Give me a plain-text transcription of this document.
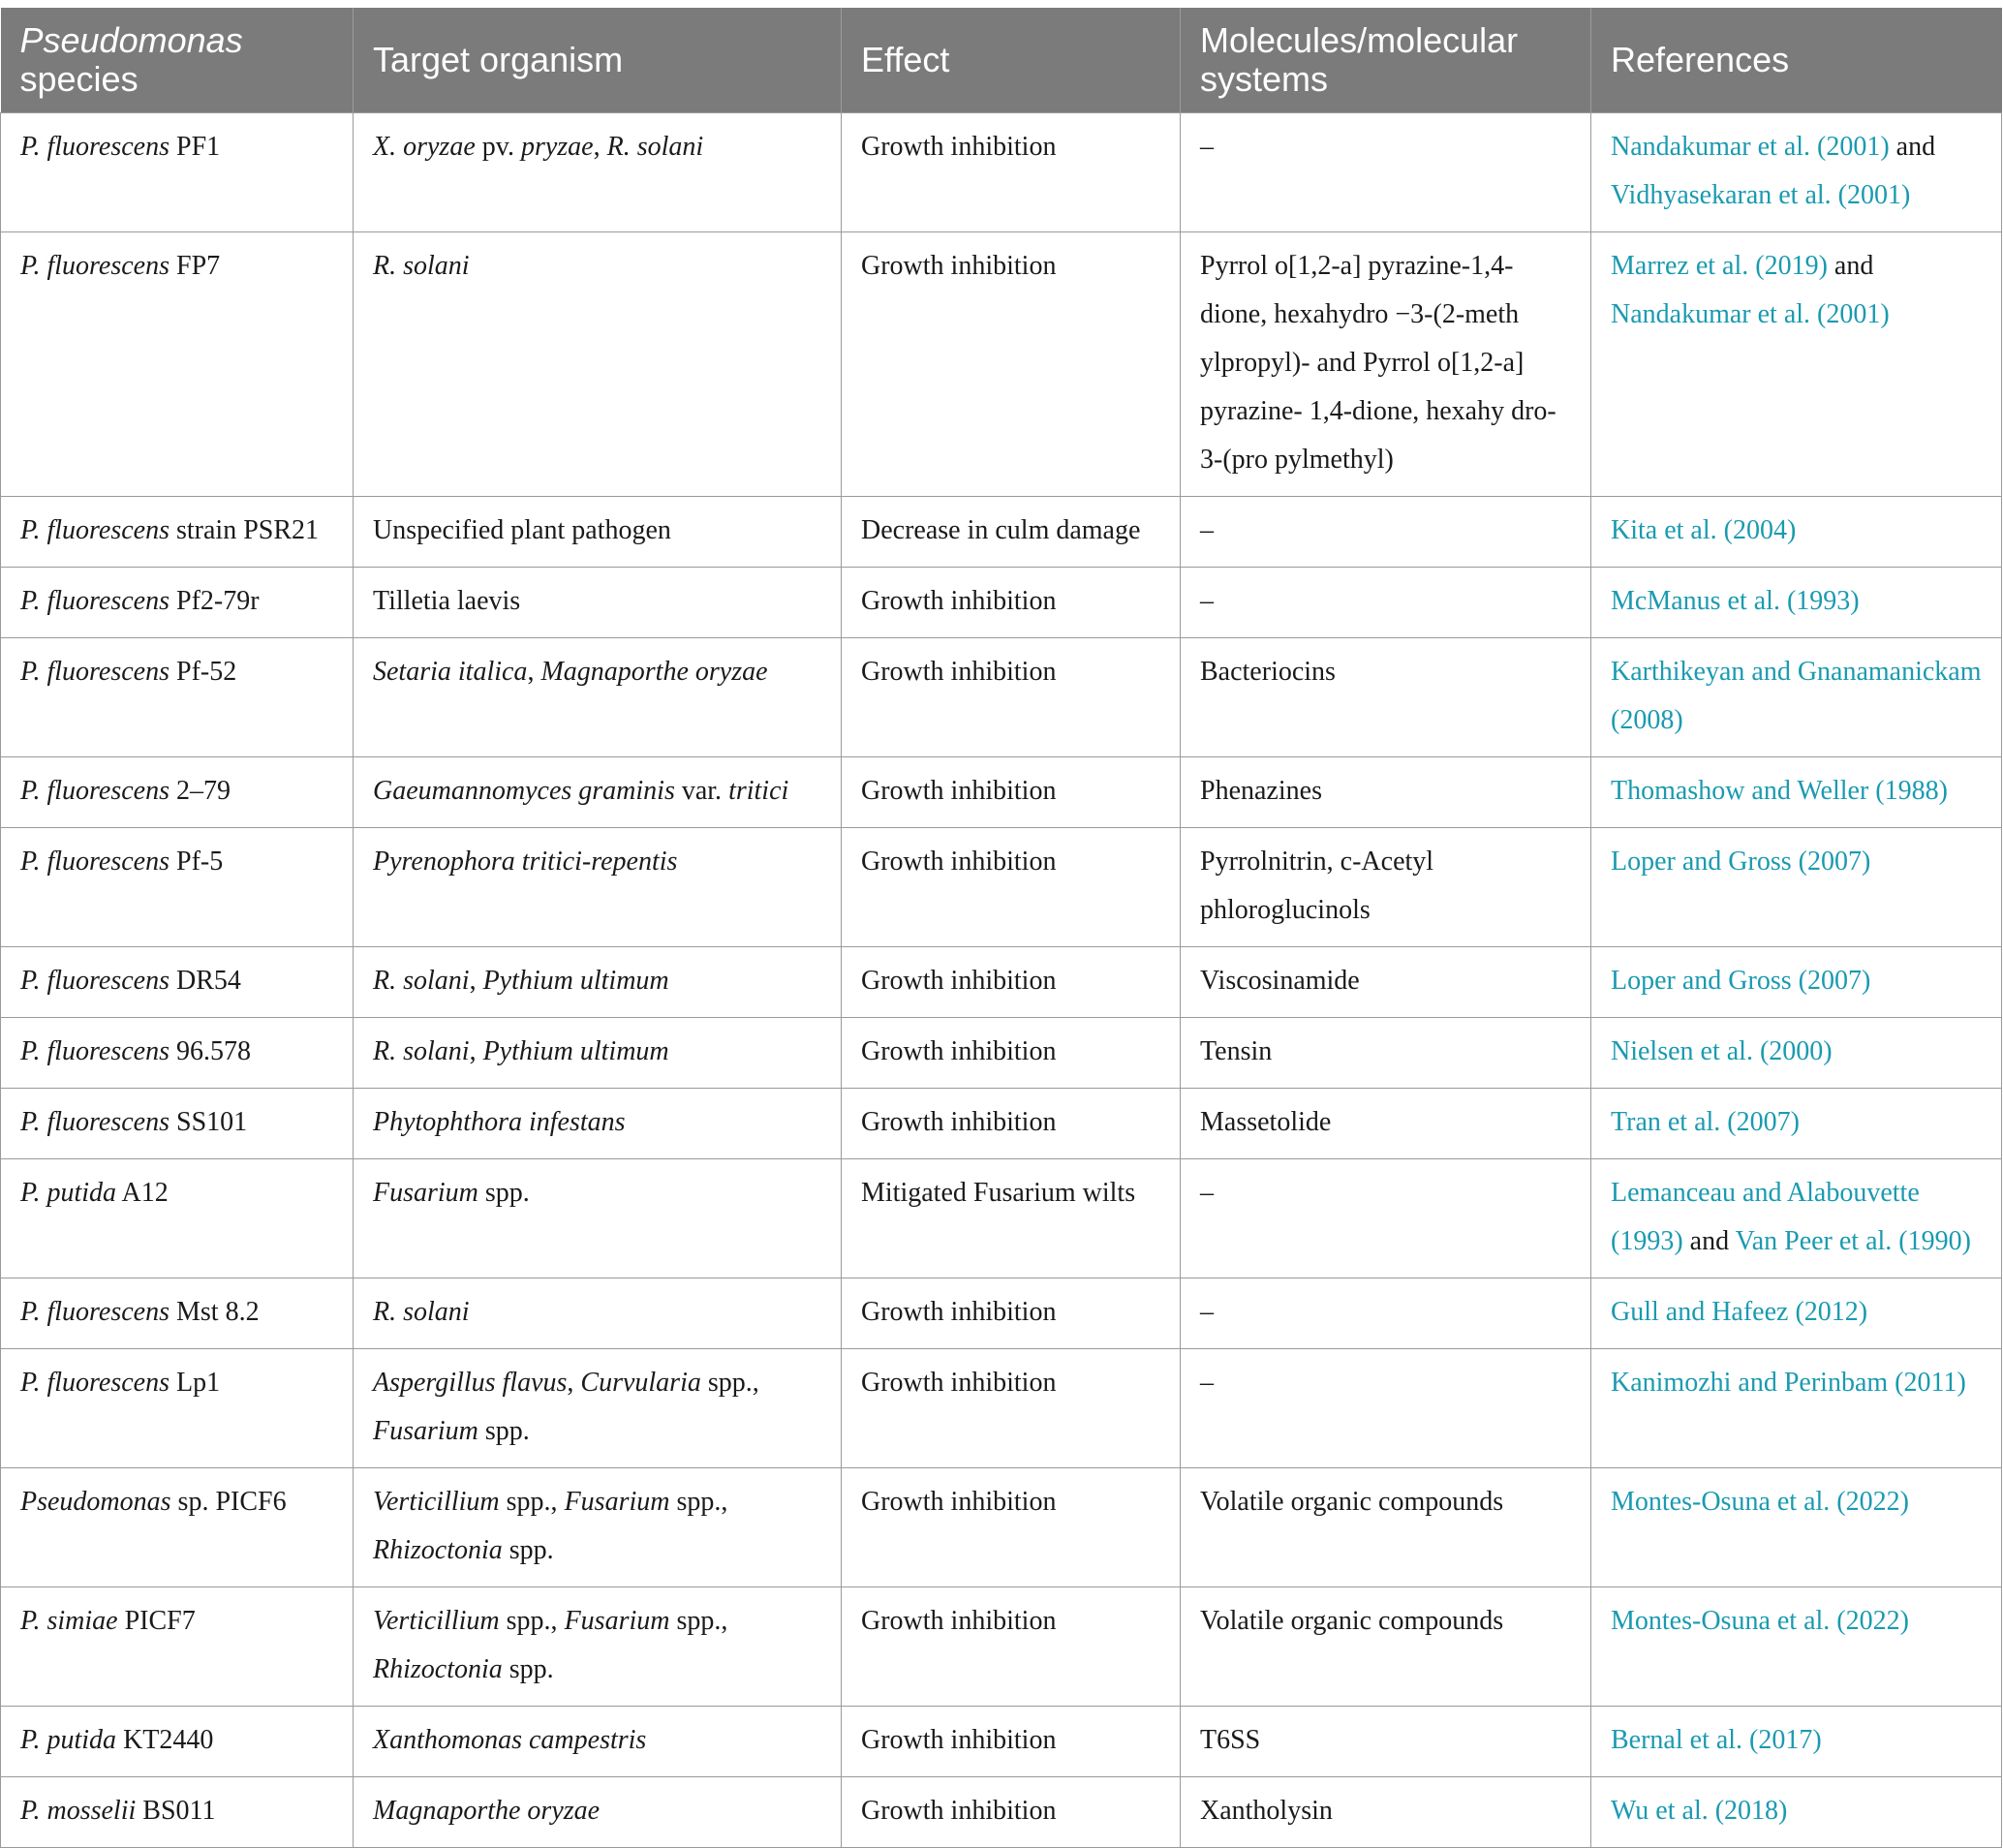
Pseudomonas
species	Target organism	Effect	Molecules/molecular systems	References
P. fluorescens PF1	X. oryzae pv. pryzae, R. solani	Growth inhibition	–	Nandakumar et al. (2001) and Vidhyasekaran et al. (2001)
P. fluorescens FP7	R. solani	Growth inhibition	Pyrrol o[1,2-a] pyrazine-1,4-dione, hexahydro −3-(2-meth ylpropyl)- and Pyrrol o[1,2-a] pyrazine- 1,4-dione, hexahy dro-3-(pro pylmethyl)	Marrez et al. (2019) and Nandakumar et al. (2001)
P. fluorescens strain PSR21	Unspecified plant pathogen	Decrease in culm damage	–	Kita et al. (2004)
P. fluorescens Pf2-79r	Tilletia laevis	Growth inhibition	–	McManus et al. (1993)
P. fluorescens Pf-52	Setaria italica, Magnaporthe oryzae	Growth inhibition	Bacteriocins	Karthikeyan and Gnanamanickam (2008)
P. fluorescens 2–79	Gaeumannomyces graminis var. tritici	Growth inhibition	Phenazines	Thomashow and Weller (1988)
P. fluorescens Pf-5	Pyrenophora tritici-repentis	Growth inhibition	Pyrrolnitrin, c-Acetyl phloroglucinols	Loper and Gross (2007)
P. fluorescens DR54	R. solani, Pythium ultimum	Growth inhibition	Viscosinamide	Loper and Gross (2007)
P. fluorescens 96.578	R. solani, Pythium ultimum	Growth inhibition	Tensin	Nielsen et al. (2000)
P. fluorescens SS101	Phytophthora infestans	Growth inhibition	Massetolide	Tran et al. (2007)
P. putida A12	Fusarium spp.	Mitigated Fusarium wilts	–	Lemanceau and Alabouvette (1993) and Van Peer et al. (1990)
P. fluorescens Mst 8.2	R. solani	Growth inhibition	–	Gull and Hafeez (2012)
P. fluorescens Lp1	Aspergillus flavus, Curvularia spp., Fusarium spp.	Growth inhibition	–	Kanimozhi and Perinbam (2011)
Pseudomonas sp. PICF6	Verticillium spp., Fusarium spp., Rhizoctonia spp.	Growth inhibition	Volatile organic compounds	Montes-Osuna et al. (2022)
P. simiae PICF7	Verticillium spp., Fusarium spp., Rhizoctonia spp.	Growth inhibition	Volatile organic compounds	Montes-Osuna et al. (2022)
P. putida KT2440	Xanthomonas campestris	Growth inhibition	T6SS	Bernal et al. (2017)
P. mosselii BS011	Magnaporthe oryzae	Growth inhibition	Xantholysin	Wu et al. (2018)
